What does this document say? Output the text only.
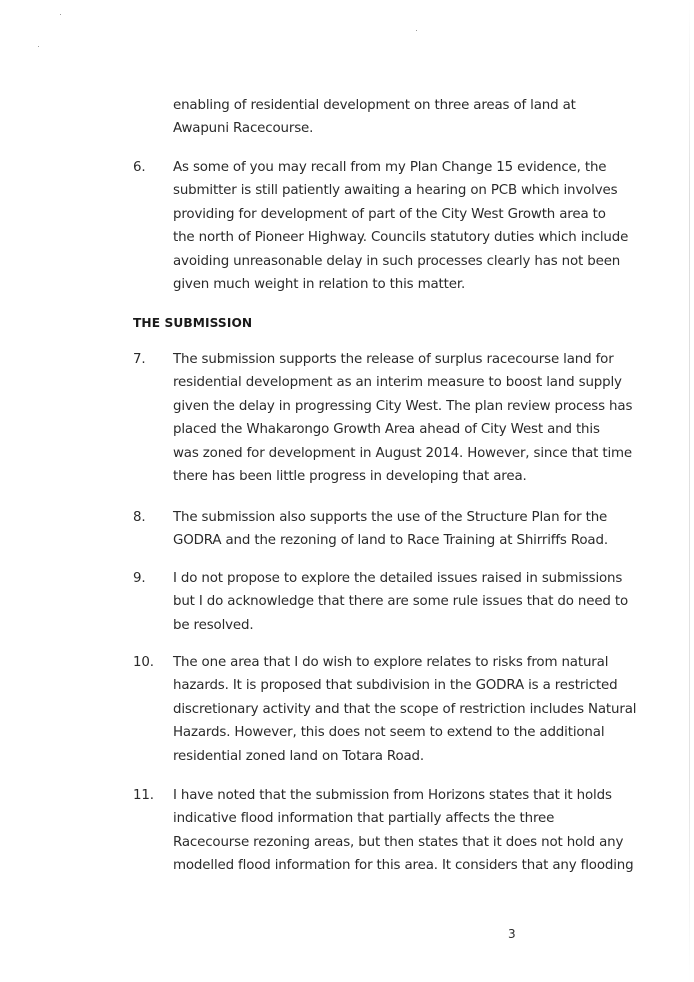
enabling of residential development on three areas of land at
Awapuni Racecourse.

6. As some of you may recall from my Plan Change 15 evidence, the
submitter is still patiently awaiting a hearing on PCB which involves
providing for development of part of the City West Growth area to
the north of Pioneer Highway. Councils statutory duties which include
avoiding unreasonable delay in such processes clearly has not been
given much weight in relation to this matter.

THE SUBMISSION
7. The submission supports the release of surplus racecourse land for
residential development as an interim measure to boost land supply
given the delay in progressing City West. The plan review process has
placed the Whakarongo Growth Area ahead of City West and this
was zoned for development in August 2014. However, since that time
there has been little progress in developing that area.

8. The submission also supports the use of the Structure Plan for the
GODRA and the rezoning of land to Race Training at Shirriffs Road.

9. I do not propose to explore the detailed issues raised in submissions
but I do acknowledge that there are some rule issues that do need to
be resolved.

10. The one area that I do wish to explore relates to risks from natural
hazards. It is proposed that subdivision in the GODRA is a restricted
discretionary activity and that the scope of restriction includes Natural
Hazards. However, this does not seem to extend to the additional
residential zoned land on Totara Road.

11. I have noted that the submission from Horizons states that it holds
indicative flood information that partially affects the three
Racecourse rezoning areas, but then states that it does not hold any
modelled flood information for this area. It considers that any flooding

3
